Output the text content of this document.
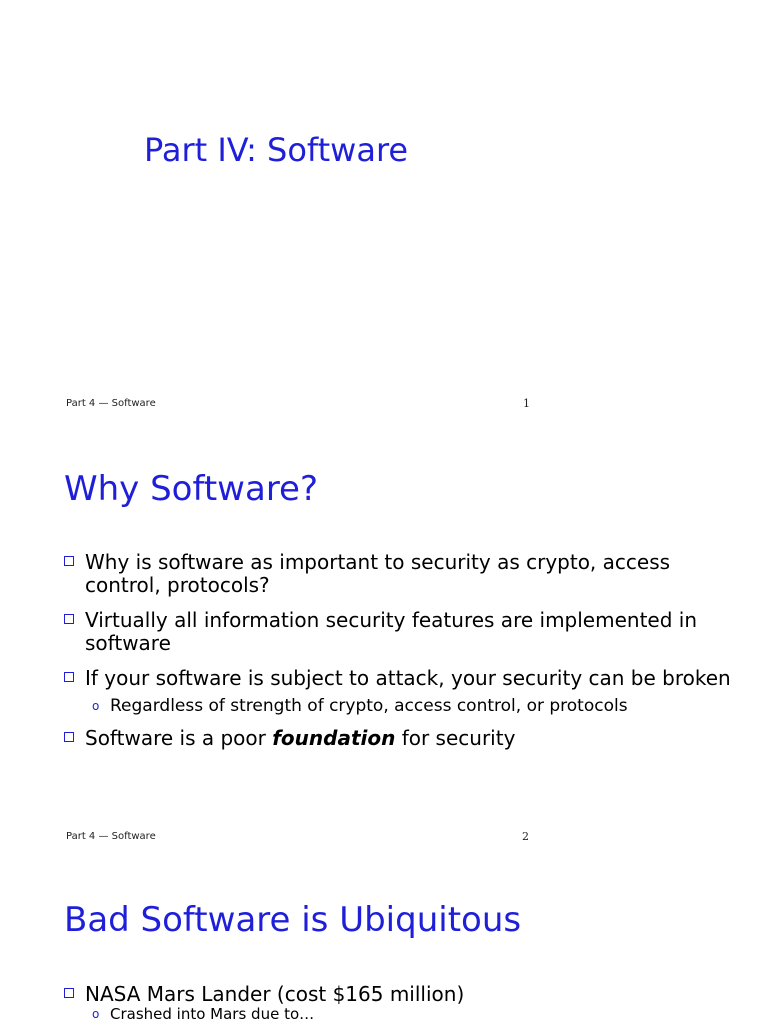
Part IV: Software
Part 4 — Software	1
Why Software?
Why is software as important to security as crypto, access control, protocols?
Virtually all information security features are implemented in software
If your software is subject to attack, your security can be broken
o Regardless of strength of crypto, access control, or protocols
Software is a poor foundation for security
Part 4 — Software	2
Bad Software is Ubiquitous
NASA Mars Lander (cost $165 million)
o Crashed into Mars due to…
